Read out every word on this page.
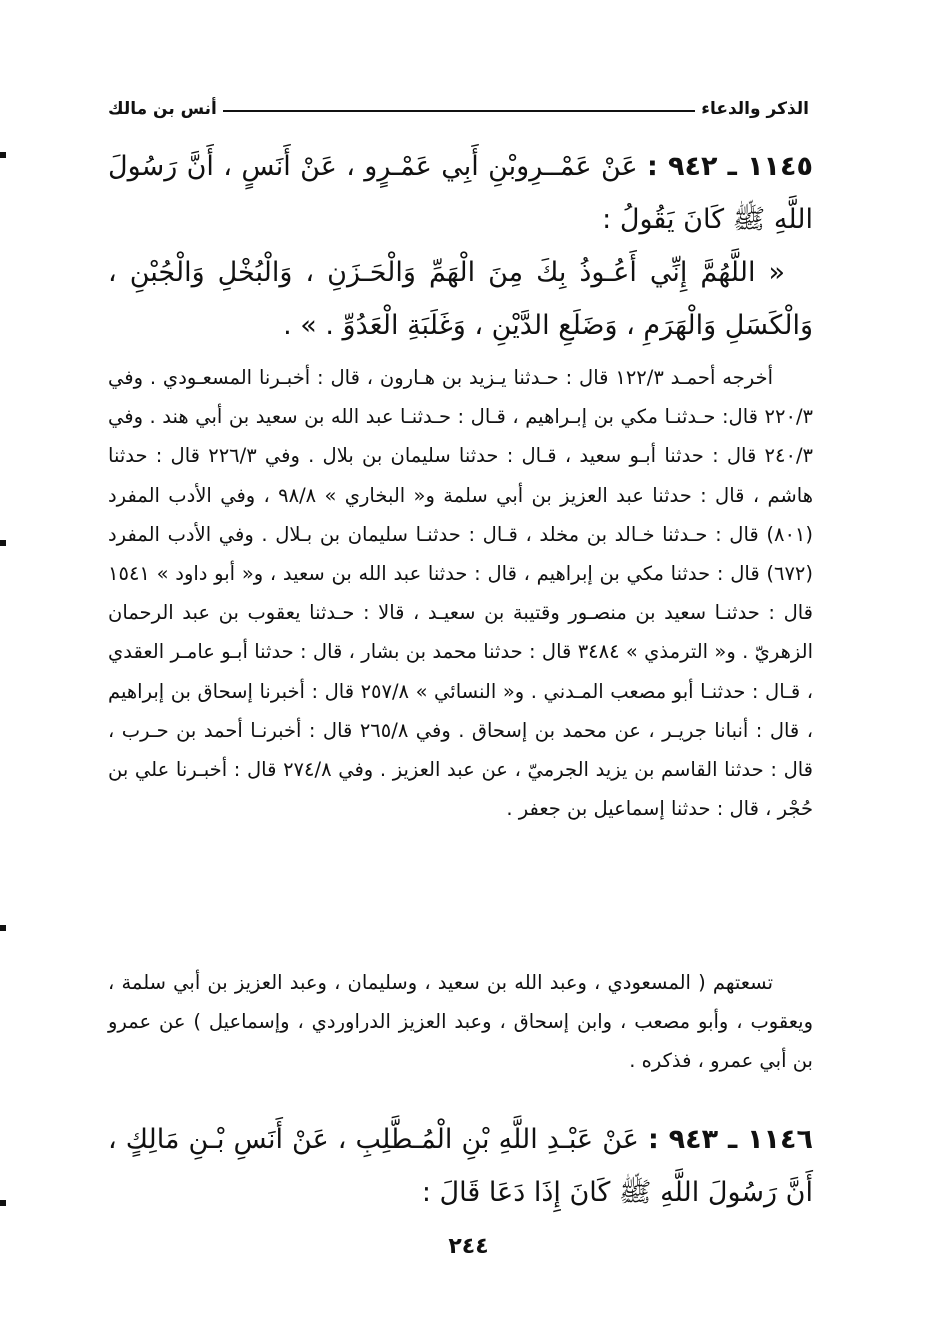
الذكر والدعاء
أنس بن مالك

١١٤٥ ـ ٩٤٢ : عَنْ عَمْــرِوبْنِ أَبِي عَمْـرٍو ، عَنْ أَنَسٍ ، أَنَّ رَسُولَ اللَّهِ ﷺ كَانَ يَقُولُ :

« اللَّهُمَّ إِنِّي أَعُـوذُ بِكَ مِنَ الْهَمِّ وَالْحَـزَنِ ، وَالْبُخْلِ وَالْجُبْنِ ، وَالْكَسَلِ وَالْهَرَمِ ، وَضَلَعِ الدَّيْنِ ، وَغَلَبَةِ الْعَدُوِّ . » .

أخرجه أحمـد ١٢٢/٣ قال : حـدثنا يـزيد بن هـارون ، قال : أخبـرنا المسعـودي . وفي ٢٢٠/٣ قال: حـدثنـا مكي بن إبـراهيم ، قـال : حـدثنـا عبد الله بن سعيد بن أبي هند . وفي ٢٤٠/٣ قال : حدثنا أبـو سعيد ، قـال : حدثنا سليمان بن بلال . وفي ٢٢٦/٣ قال : حدثنا هاشم ، قال : حدثنا عبد العزيز بن أبي سلمة و« البخاري » ٩٨/٨ ، وفي الأدب المفرد (٨٠١) قال : حـدثنا خـالد بن مخلد ، قـال : حدثنـا سليمان بن بـلال . وفي الأدب المفرد (٦٧٢) قال : حدثنا مكي بن إبراهيم ، قال : حدثنا عبد الله بن سعيد ، و« أبو داود » ١٥٤١ قال : حدثنـا سعيد بن منصـور وقتيبة بن سعيـد ، قالا : حـدثنا يعقوب بن عبد الرحمان الزهريّ . و« الترمذي » ٣٤٨٤ قال : حدثنا محمد بن بشار ، قال : حدثنا أبـو عامـر العقدي ، قـال : حدثنـا أبو مصعب المـدني . و« النسائي » ٢٥٧/٨ قال : أخبرنا إسحاق بن إبراهيم ، قال : أنبانا جريـر ، عن محمد بن إسحاق . وفي ٢٦٥/٨ قال : أخبرنـا أحمد بن حـرب ، قال : حدثنا القاسم بن يزيد الجرميّ ، عن عبد العزيز . وفي ٢٧٤/٨ قال : أخبـرنا علي بن حُجْر ، قال : حدثنا إسماعيل بن جعفر .

تسعتهم ( المسعودي ، وعبد الله بن سعيد ، وسليمان ، وعبد العزيز بن أبي سلمة ، ويعقوب ، وأبو مصعب ، وابن إسحاق ، وعبد العزيز الدراوردي ، وإسماعيل ) عن عمرو بن أبي عمرو ، فذكره .

١١٤٦ ـ ٩٤٣ : عَنْ عَبْـدِ اللَّهِ بْنِ الْمُـطَّلِبِ ، عَنْ أَنَسِ بْـنِ مَالِكٍ ، أَنَّ رَسُولَ اللَّهِ ﷺ كَانَ إِذَا دَعَا قَالَ :

٢٤٤
